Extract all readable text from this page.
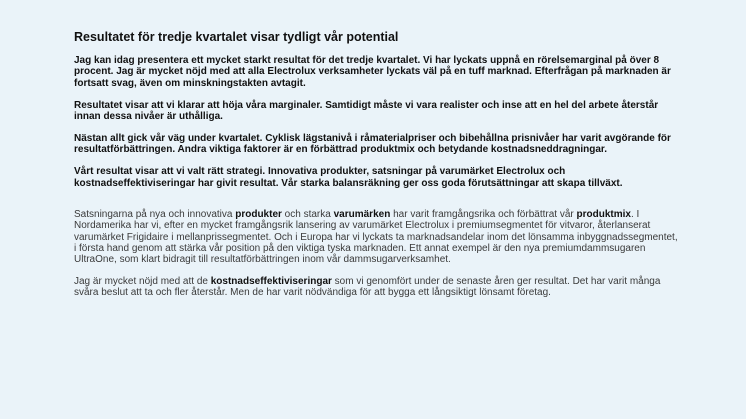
Resultatet för tredje kvartalet visar tydligt vår potential

Jag kan idag presentera ett mycket starkt resultat för det tredje kvartalet. Vi har lyckats uppnå en rörelsemarginal på över 8 procent. Jag är mycket nöjd med att alla Electrolux verksamheter lyckats väl på en tuff marknad. Efterfrågan på marknaden är fortsatt svag, även om minskningstakten avtagit.

Resultatet visar att vi klarar att höja våra marginaler. Samtidigt måste vi vara realister och inse att en hel del arbete återstår innan dessa nivåer är uthålliga.

Nästan allt gick vår väg under kvartalet. Cyklisk lägstanivå i råmaterialpriser och bibehållna prisnivåer har varit avgörande för resultatförbättringen. Andra viktiga faktorer är en förbättrad produktmix och betydande kostnadsneddragningar.

Vårt resultat visar att vi valt rätt strategi. Innovativa produkter, satsningar på varumärket Electrolux och kostnadseffektiviseringar har givit resultat. Vår starka balansräkning ger oss goda förutsättningar att skapa tillväxt.

Satsningarna på nya och innovativa produkter och starka varumärken har varit framgångsrika och förbättrat vår produktmix. I Nordamerika har vi, efter en mycket framgångsrik lansering av varumärket Electrolux i premiumsegmentet för vitvaror, återlanserat varumärket Frigidaire i mellanprissegmentet. Och i Europa har vi lyckats ta marknadsandelar inom det lönsamma inbyggnadssegmentet, i första hand genom att stärka vår position på den viktiga tyska marknaden. Ett annat exempel är den nya premiumdammsugaren UltraOne, som klart bidragit till resultatförbättringen inom vår dammsugarverksamhet.

Jag är mycket nöjd med att de kostnadseffektiviseringar som vi genomfört under de senaste åren ger resultat. Det har varit många svåra beslut att ta och fler återstår. Men de har varit nödvändiga för att bygga ett långsiktigt lönsamt företag.
